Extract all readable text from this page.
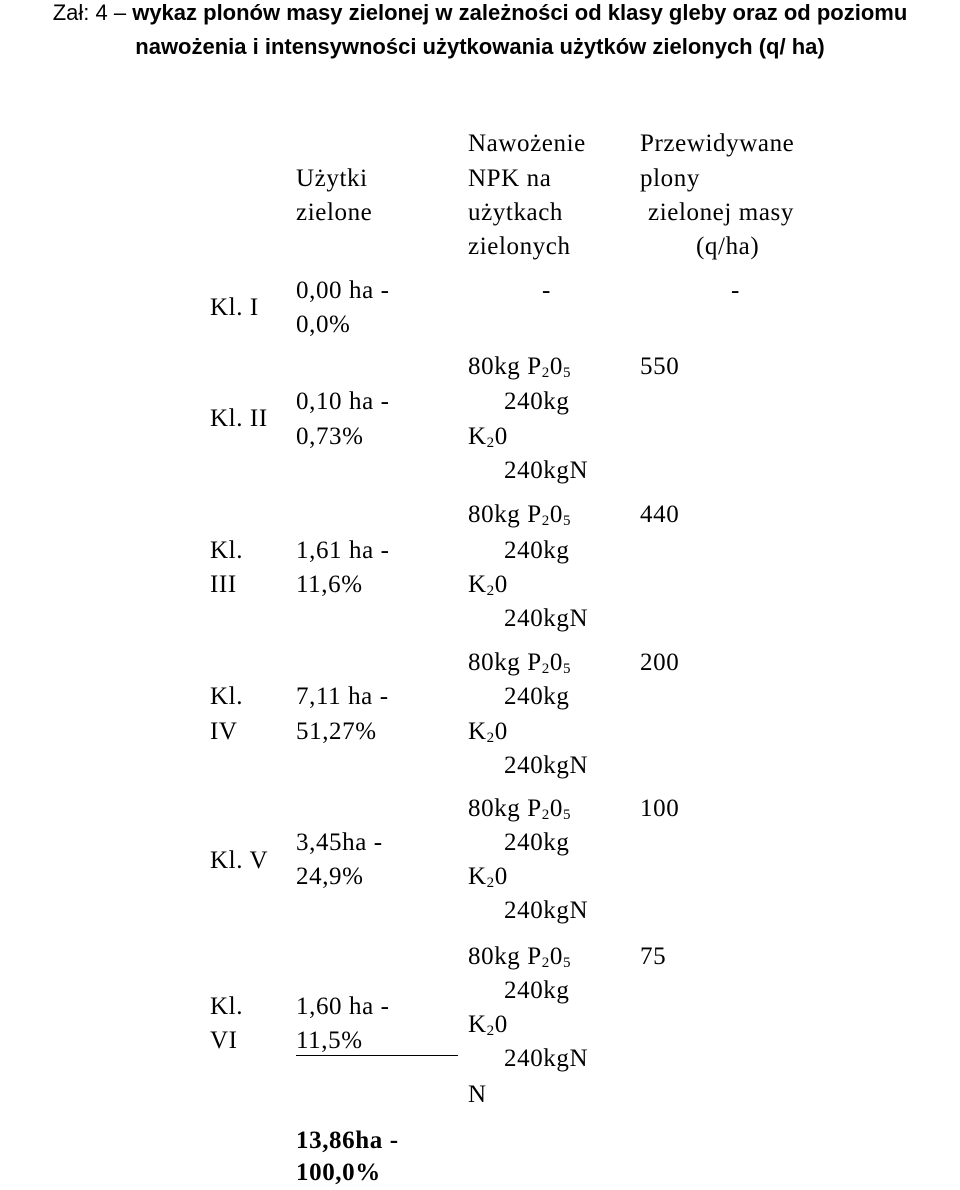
Zał: 4 – wykaz plonów masy zielonej w zależności od klasy gleby oraz od poziomu
nawożenia i intensywności użytkowania użytków zielonych (q/ ha)
Użytki
zielone
Nawożenie
NPK na
użytkach
zielonych
Przewidywane
plony
zielonej masy
(q/ha)
Kl. I
0,00 ha -
0,0%
-	-
Kl. II
0,10 ha -
0,73%
80kg $P_20_5$
240kg
$K_20$
240kgN
550
Kl.
III
1,61 ha -
11,6%
80kg $P_20_5$
240kg
$K_20$
240kgN
440
Kl.
IV
7,11 ha -
51,27%
80kg $P_20_5$
240kg
$K_20$
240kgN
200
Kl. V
3,45ha -
24,9%
80kg $P_20_5$
240kg
$K_20$
240kgN
100
Kl.
VI
1,60 ha -
11,5%
80kg $P_20_5$
240kg
$K_20$
240kgN
N
75
13,86ha -
100,0%
